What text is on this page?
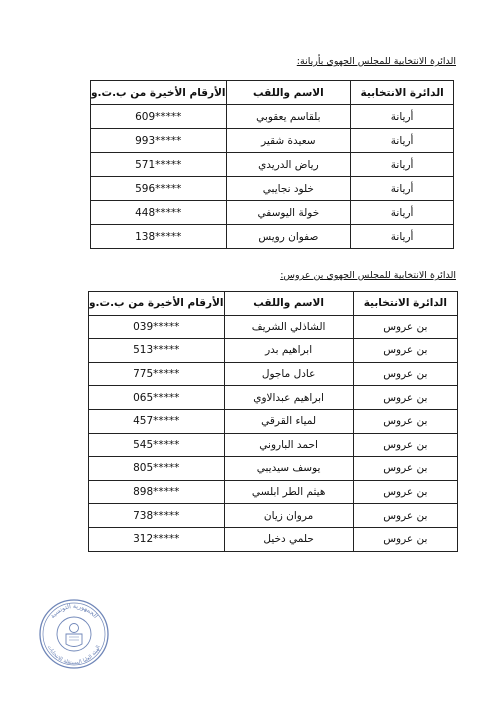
الدائرة الانتخابية للمجلس الجهوي بأريانة:
الدائرة الانتخابية	الاسم واللقب	الأرقام الأخيرة من ب.ت.و
أريانة	بلقاسم يعقوبي	609*****
أريانة	سعيدة شقير	993*****
أريانة	رياض الدريدي	571*****
أريانة	خلود نجايبي	596*****
أريانة	خولة اليوسفي	448*****
أريانة	صفوان رويس	138*****
الدائرة الانتخابية للمجلس الجهوي بن عروس:
الدائرة الانتخابية	الاسم واللقب	الأرقام الأخيرة من ب.ت.و
بن عروس	الشاذلي الشريف	039*****
بن عروس	ابراهيم بدر	513*****
بن عروس	عادل ماجول	775*****
بن عروس	ابراهيم عبدالاوي	065*****
بن عروس	لمياء القرقي	457*****
بن عروس	احمد الباروني	545*****
بن عروس	يوسف سيديبي	805*****
بن عروس	هيثم الطر ابلسي	898*****
بن عروس	مروان زيان	738*****
بن عروس	حلمي دخيل	312*****
الجمهورية التونسية
الهيئة العليا المستقلة للانتخابات
